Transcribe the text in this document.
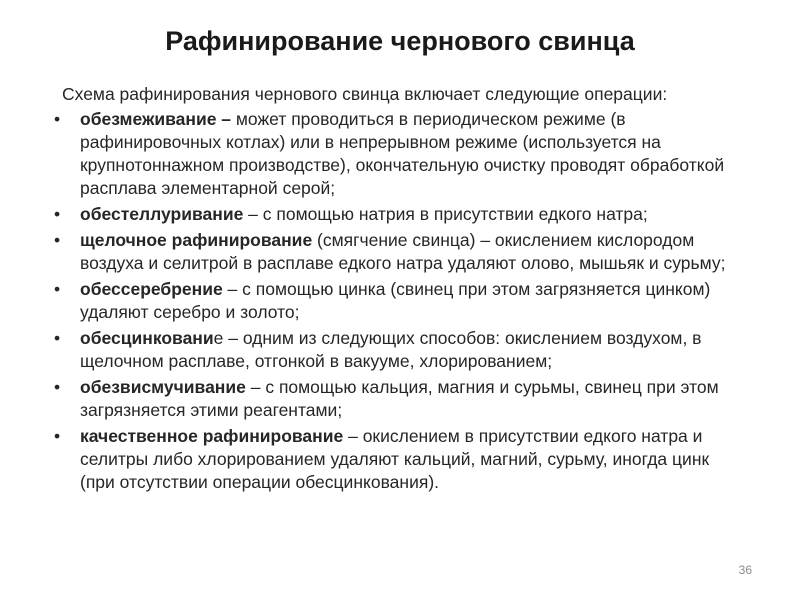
Рафинирование чернового свинца
Схема рафинирования чернового свинца включает следующие операции:
• обезмеживание – может проводиться в периодическом режиме (в рафинировочных котлах) или в непрерывном режиме (используется на крупнотоннажном производстве), окончательную очистку проводят обработкой расплава элементарной серой;
• обестеллуривание – с помощью натрия в присутствии едкого натра;
• щелочное рафинирование (смягчение свинца) – окислением кислородом воздуха и селитрой в расплаве едкого натра удаляют олово, мышьяк и сурьму;
• обессеребрение – с помощью цинка (свинец при этом загрязняется цинком) удаляют серебро и золото;
• обесцинкование – одним из следующих способов: окислением воздухом, в щелочном расплаве, отгонкой в вакууме, хлорированием;
• обезвисмучивание – с помощью кальция, магния и сурьмы, свинец при этом загрязняется этими реагентами;
• качественное рафинирование – окислением в присутствии едкого натра и селитры либо хлорированием удаляют кальций, магний, сурьму, иногда цинк (при отсутствии операции обесцинкования).
36
